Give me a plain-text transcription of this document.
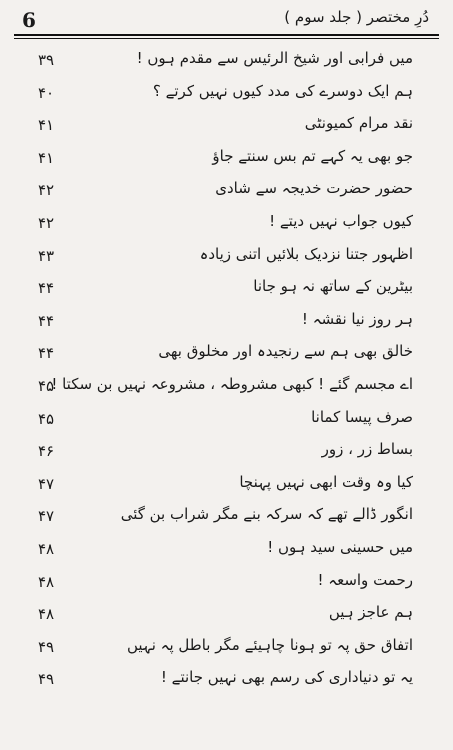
6	دُرِ مختصر ( جلد سوم )
میں فرابی اور شیخ الرئیس سے مقدم ہوں !
۳۹
ہم ایک دوسرے کی مدد کیوں نہیں کرتے ؟
۴۰
نقد مرام کمیونٹی
۴۱
جو بھی یہ کہے تم بس سنتے جاؤ
۴۱
حضور حضرت خدیجہ سے شادی
۴۲
کیوں جواب نہیں دیتے !
۴۲
اظہور جتنا نزدیک بلائیں اتنی زیادہ
۴۳
بیٹرین کے ساتھ نہ ہو جانا
۴۴
ہر روز نیا نقشہ !
۴۴
خالق بھی ہم سے رنجیدہ اور مخلوق بھی
۴۴
اے مجسم گئے ! کبھی مشروطہ ، مشروعہ نہیں بن سکتا !
۴۵
صرف پیسا کمانا
۴۵
بساط زر ، زور
۴۶
کیا وہ وقت ابھی نہیں پہنچا
۴۷
انگور ڈالے تھے کہ سرکہ بنے مگر شراب بن گئی
۴۷
میں حسینی سید ہوں !
۴۸
رحمت واسعہ !
۴۸
ہم عاجز ہیں
۴۸
اتفاق حق پہ تو ہونا چاہیئے مگر باطل پہ نہیں
۴۹
یہ تو دنیاداری کی رسم بھی نہیں جانتے !
۴۹
